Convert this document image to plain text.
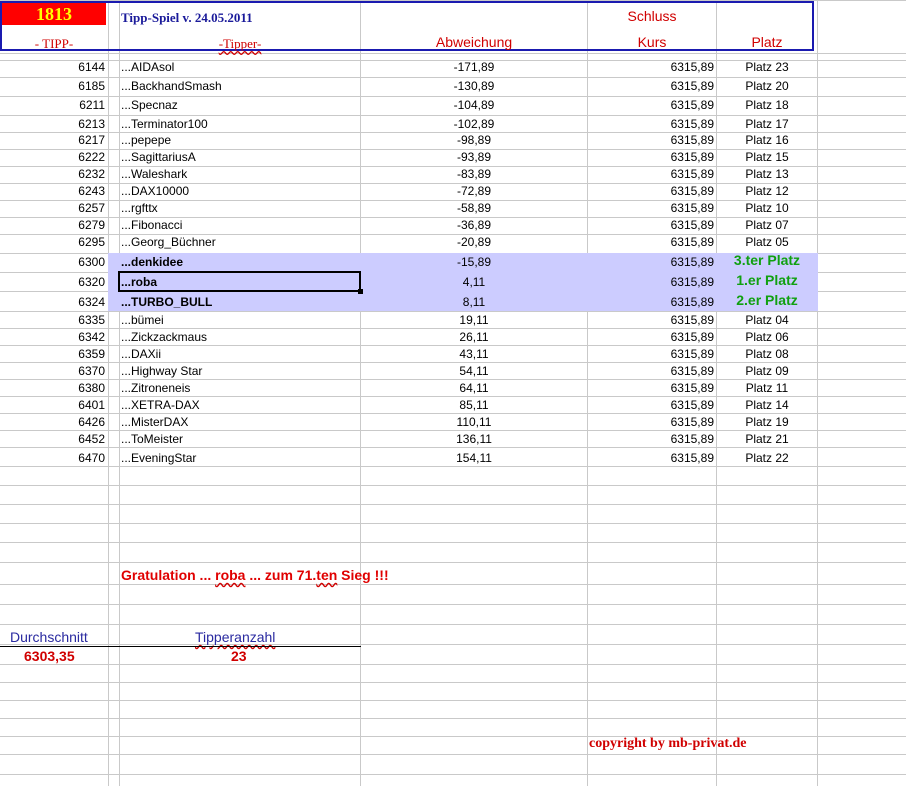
1813	Tipp-Spiel v. 24.05.2011
- TIPP-	-Tipper-	Abweichung
Schluss
Kurs	Platz
6144 ...AIDAsol	-171,89	6315,89	Platz 23
6185 ...BackhandSmash	-130,89	6315,89	Platz 20
6211 ...Specnaz	-104,89	6315,89	Platz 18
6213 ...Terminator100	-102,89	6315,89	Platz 17
6217 ...pepepe	-98,89	6315,89	Platz 16
6222 ...SagittariusA	-93,89	6315,89	Platz 15
6232 ...Waleshark	-83,89	6315,89	Platz 13
6243 ...DAX10000	-72,89	6315,89	Platz 12
6257 ...rgfttx	-58,89	6315,89	Platz 10
6279 ...Fibonacci	-36,89	6315,89	Platz 07
6295 ...Georg_Büchner	-20,89	6315,89	Platz 05
6300 ...denkidee	-15,89	6315,89	3.ter Platz
6320 ...roba	4,11	6315,89	1.er Platz
6324 ...TURBO_BULL	8,11	6315,89	2.er Platz
6335 ...bümei	19,11	6315,89	Platz 04
6342 ...Zickzackmaus	26,11	6315,89	Platz 06
6359 ...DAXii	43,11	6315,89	Platz 08
6370 ...Highway Star	54,11	6315,89	Platz 09
6380 ...Zitroneneis	64,11	6315,89	Platz 11
6401 ...XETRA-DAX	85,11	6315,89	Platz 14
6426 ...MisterDAX	110,11	6315,89	Platz 19
6452 ...ToMeister	136,11	6315,89	Platz 21
6470 ...EveningStar	154,11	6315,89	Platz 22
Gratulation ... roba ... zum 71.ten Sieg !!!
Durchschnitt	Tipperanzahl
6303,35	23
copyright by mb-privat.de
